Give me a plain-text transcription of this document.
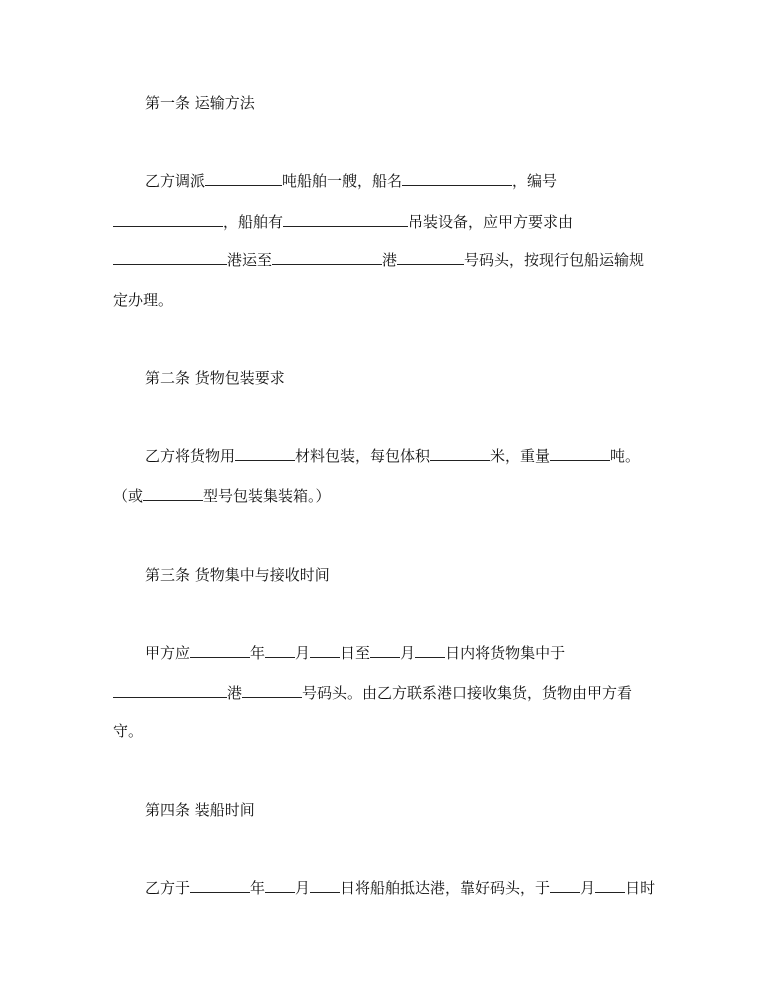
第一条 运输方法
乙方调派	吨船舶一艘，船名	，编号
，船舶有	吊装设备，应甲方要求由
港运至	港	号码头，按现行包船运输规
定办理。
第二条 货物包装要求
乙方将货物用	材料包装，每包体积	米，重量	吨。
（或	型号包装集装箱。）
第三条 货物集中与接收时间
甲方应	年 月 日至 月 日内将货物集中于
港	号码头。由乙方联系港口接收集货，货物由甲方看
守。
第四条 装船时间
乙方于	年 月 日将船舶抵达港，靠好码头，于 月 日时
